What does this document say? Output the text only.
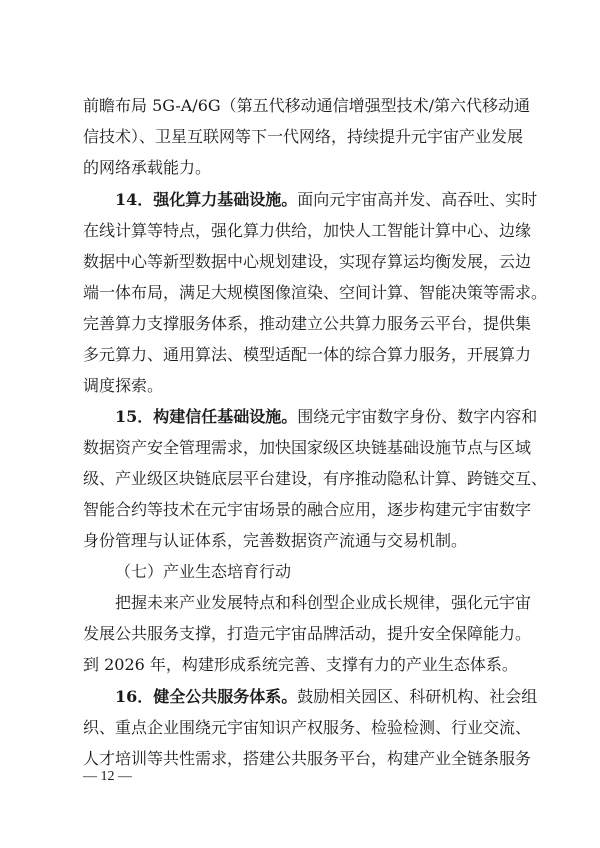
前瞻布局 5G-A/6G（第五代移动通信增强型技术/第六代移动通
信技术）、卫星互联网等下一代网络，持续提升元宇宙产业发展
的网络承载能力。
14．强化算力基础设施。面向元宇宙高并发、高吞吐、实时
在线计算等特点，强化算力供给，加快人工智能计算中心、边缘
数据中心等新型数据中心规划建设，实现存算运均衡发展，云边
端一体布局，满足大规模图像渲染、空间计算、智能决策等需求。
完善算力支撑服务体系，推动建立公共算力服务云平台，提供集
多元算力、通用算法、模型适配一体的综合算力服务，开展算力
调度探索。
15．构建信任基础设施。围绕元宇宙数字身份、数字内容和
数据资产安全管理需求，加快国家级区块链基础设施节点与区域
级、产业级区块链底层平台建设，有序推动隐私计算、跨链交互、
智能合约等技术在元宇宙场景的融合应用，逐步构建元宇宙数字
身份管理与认证体系，完善数据资产流通与交易机制。
（七）产业生态培育行动
把握未来产业发展特点和科创型企业成长规律，强化元宇宙
发展公共服务支撑，打造元宇宙品牌活动，提升安全保障能力。
到 2026 年，构建形成系统完善、支撑有力的产业生态体系。
16．健全公共服务体系。鼓励相关园区、科研机构、社会组
织、重点企业围绕元宇宙知识产权服务、检验检测、行业交流、
人才培训等共性需求，搭建公共服务平台，构建产业全链条服务
— 12 —
